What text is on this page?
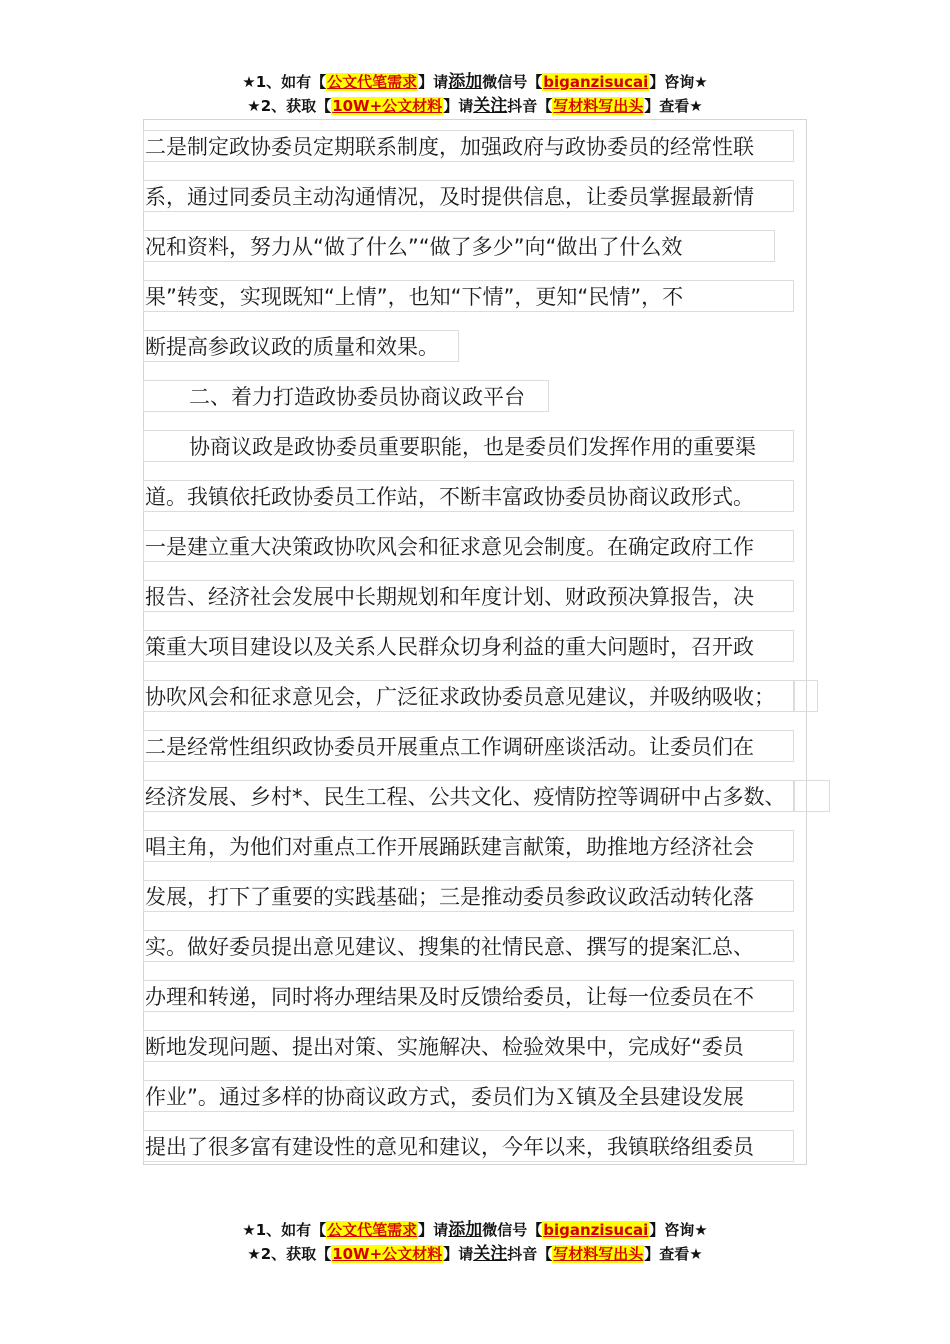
★1、如有【公文代笔需求】请添加微信号【biganzisucai】咨询★
★2、获取【10W+公文材料】请关注抖音【写材料写出头】查看★
二是制定政协委员定期联系制度，加强政府与政协委员的经常性联
系，通过同委员主动沟通情况，及时提供信息，让委员掌握最新情
况和资料，努力从“做了什么”“做了多少”向“做出了什么效
果”转变，实现既知“上情”，也知“下情”，更知“民情”，不
断提高参政议政的质量和效果。
二、着力打造政协委员协商议政平台
协商议政是政协委员重要职能，也是委员们发挥作用的重要渠
道。我镇依托政协委员工作站，不断丰富政协委员协商议政形式。
一是建立重大决策政协吹风会和征求意见会制度。在确定政府工作
报告、经济社会发展中长期规划和年度计划、财政预决算报告，决
策重大项目建设以及关系人民群众切身利益的重大问题时，召开政
协吹风会和征求意见会，广泛征求政协委员意见建议，并吸纳吸收；
二是经常性组织政协委员开展重点工作调研座谈活动。让委员们在
经济发展、乡村*、民生工程、公共文化、疫情防控等调研中占多数、
唱主角，为他们对重点工作开展踊跃建言献策，助推地方经济社会
发展，打下了重要的实践基础；三是推动委员参政议政活动转化落
实。做好委员提出意见建议、搜集的社情民意、撰写的提案汇总、
办理和转递，同时将办理结果及时反馈给委员，让每一位委员在不
断地发现问题、提出对策、实施解决、检验效果中，完成好“委员
作业”。通过多样的协商议政方式，委员们为Ｘ镇及全县建设发展
提出了很多富有建设性的意见和建议，今年以来，我镇联络组委员
★1、如有【公文代笔需求】请添加微信号【biganzisucai】咨询★
★2、获取【10W+公文材料】请关注抖音【写材料写出头】查看★
